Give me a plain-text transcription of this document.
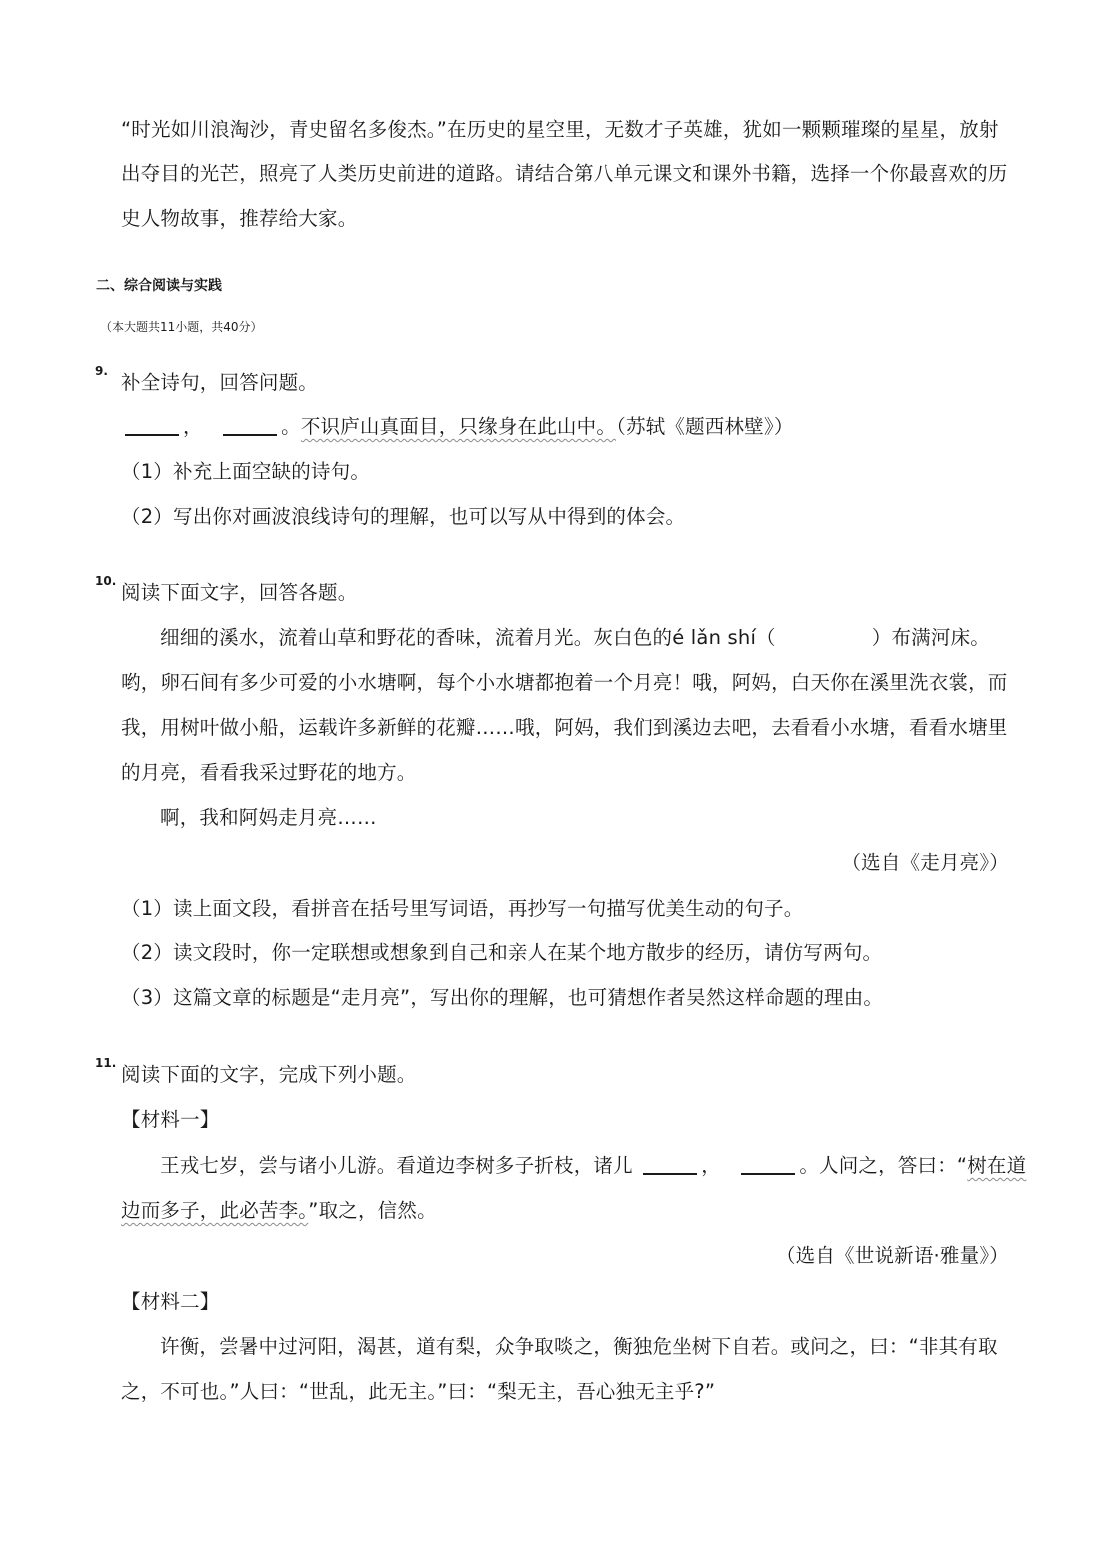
“时光如川浪淘沙，青史留名多俊杰。”在历史的星空里，无数才子英雄，犹如一颗颗璀璨的星星，放射
出夺目的光芒，照亮了人类历史前进的道路。请结合第八单元课文和课外书籍，选择一个你最喜欢的历
史人物故事，推荐给大家。
二、综合阅读与实践
（本大题共11小题，共40分）
9. 补全诗句，回答问题。
，	。不识庐山真面目，只缘身在此山中。（苏轼《题西林壁》）
（1）补充上面空缺的诗句。
（2）写出你对画波浪线诗句的理解，也可以写从中得到的体会。
10. 阅读下面文字，回答各题。
细细的溪水，流着山草和野花的香味，流着月光。灰白色的é lǎn shí（	）布满河床。
哟，卵石间有多少可爱的小水塘啊，每个小水塘都抱着一个月亮！哦，阿妈，白天你在溪里洗衣裳，而
我，用树叶做小船，运载许多新鲜的花瓣……哦，阿妈，我们到溪边去吧，去看看小水塘，看看水塘里
的月亮，看看我采过野花的地方。
啊，我和阿妈走月亮……
（选自《走月亮》）
（1）读上面文段，看拼音在括号里写词语，再抄写一句描写优美生动的句子。
（2）读文段时，你一定联想或想象到自己和亲人在某个地方散步的经历，请仿写两句。
（3）这篇文章的标题是“走月亮”，写出你的理解，也可猜想作者吴然这样命题的理由。
11. 阅读下面的文字，完成下列小题。
【材料一】
王戎七岁，尝与诸小儿游。看道边李树多子折枝，诸儿	，	。人问之，答曰：“树在道
边而多子，此必苦李。”取之，信然。
（选自《世说新语·雅量》）
【材料二】
许衡，尝暑中过河阳，渴甚，道有梨，众争取啖之，衡独危坐树下自若。或问之，曰：“非其有取
之，不可也。”人曰：“世乱，此无主。”曰：“梨无主，吾心独无主乎?”
